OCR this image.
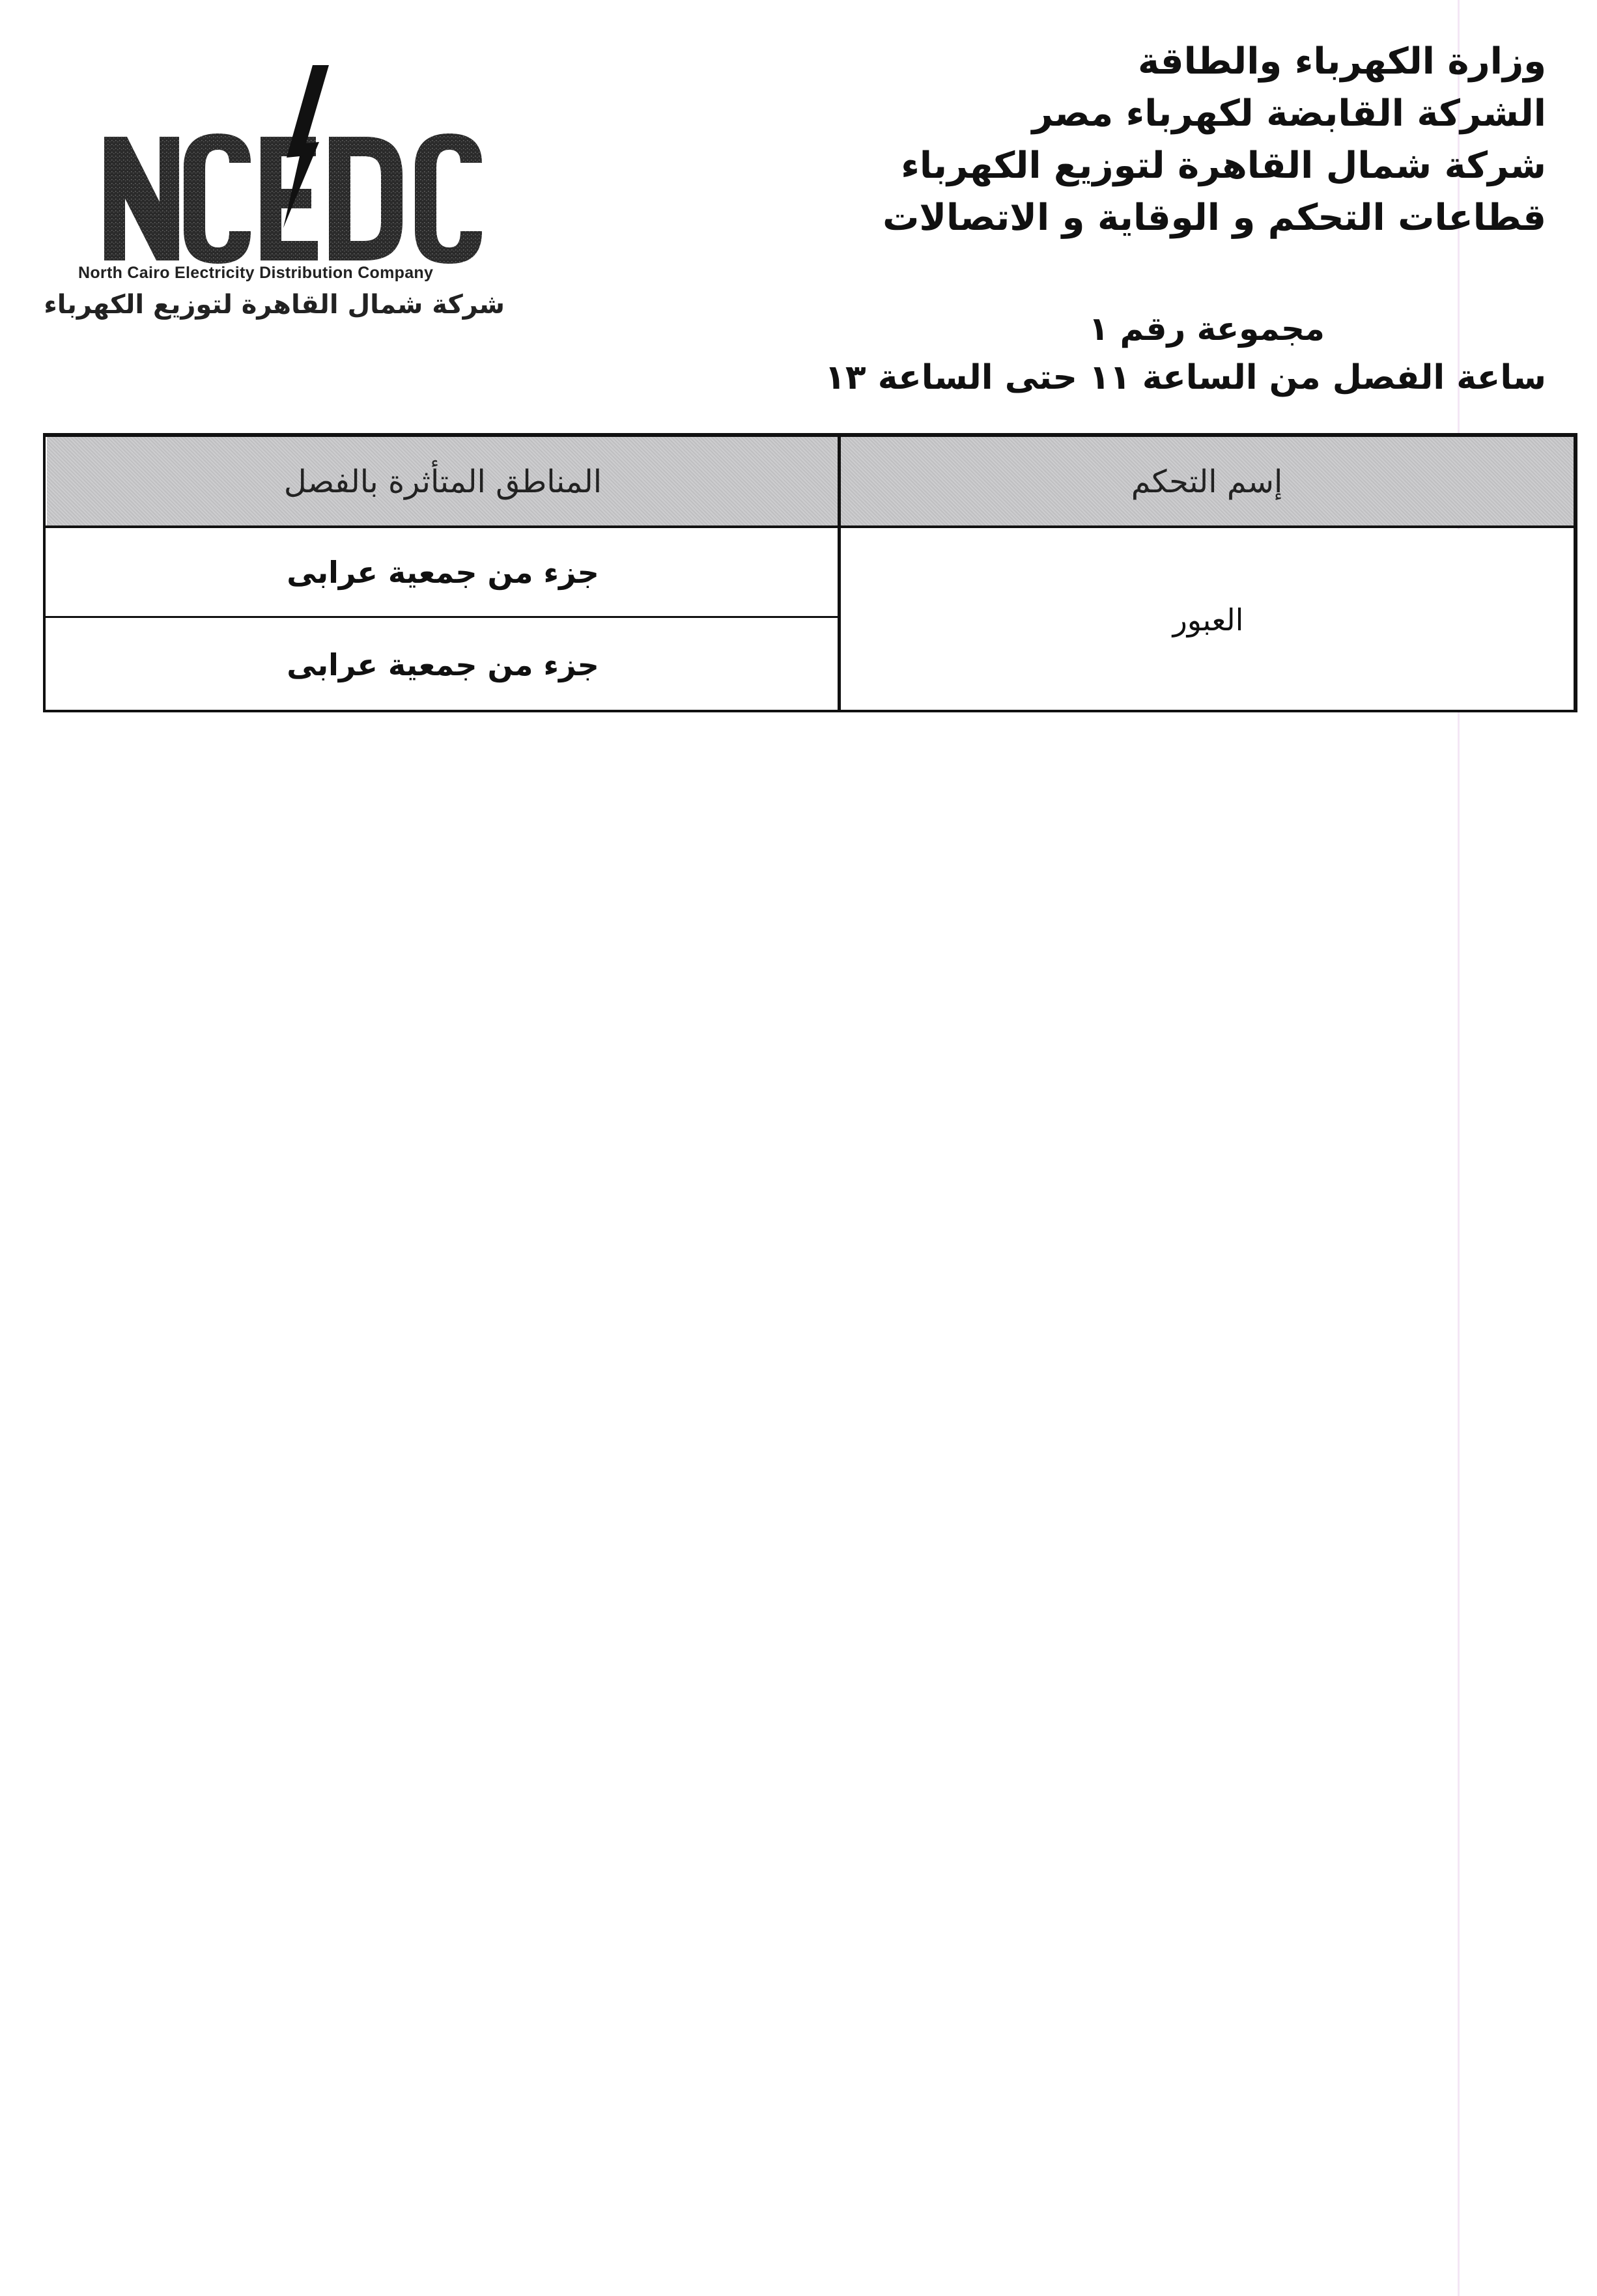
North Cairo Electricity Distribution Company
شركة شمال القاهرة لتوزيع الكهرباء
وزارة الكهرباء والطاقة
الشركة القابضة لكهرباء مصر
شركة شمال القاهرة لتوزيع الكهرباء
قطاعات التحكم و الوقاية و الاتصالات
مجموعة رقم ١
ساعة الفصل من الساعة ١١ حتى الساعة ١٣
إسم التحكم
المناطق المتأثرة بالفصل
العبور
جزء من جمعية عرابى
جزء من جمعية عرابى
